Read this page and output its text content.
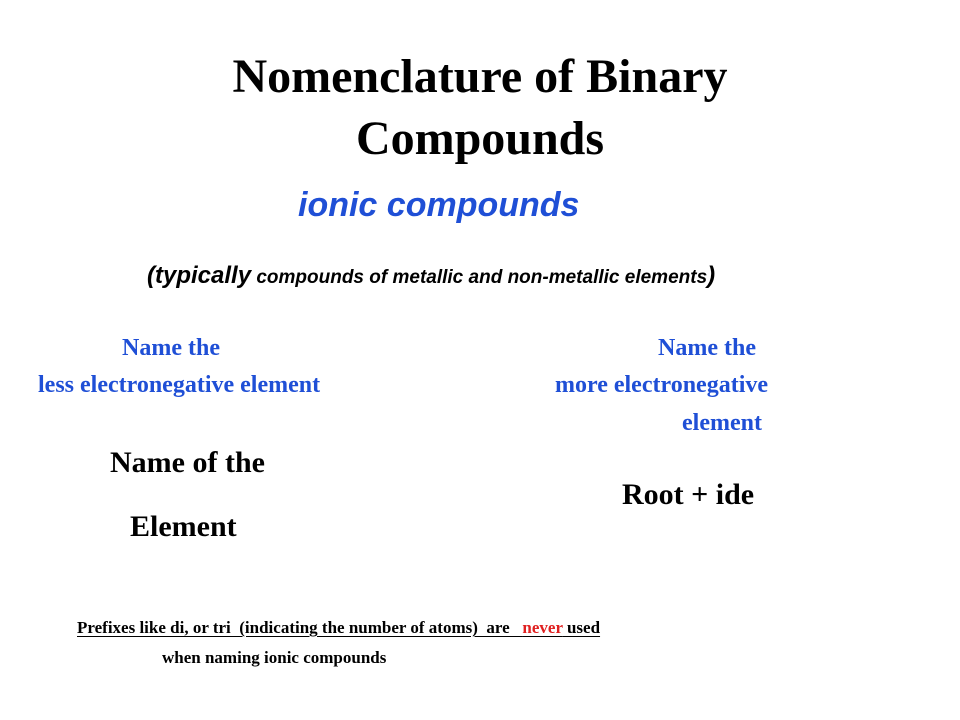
Nomenclature of Binary
Compounds
ionic compounds
(typically compounds of metallic and non-metallic elements)
Name the
less electronegative element
Name the
more electronegative
element
Name of the
Element
Root + ide
Prefixes like di, or tri  (indicating the number of atoms)  are   never used
when naming ionic compounds
